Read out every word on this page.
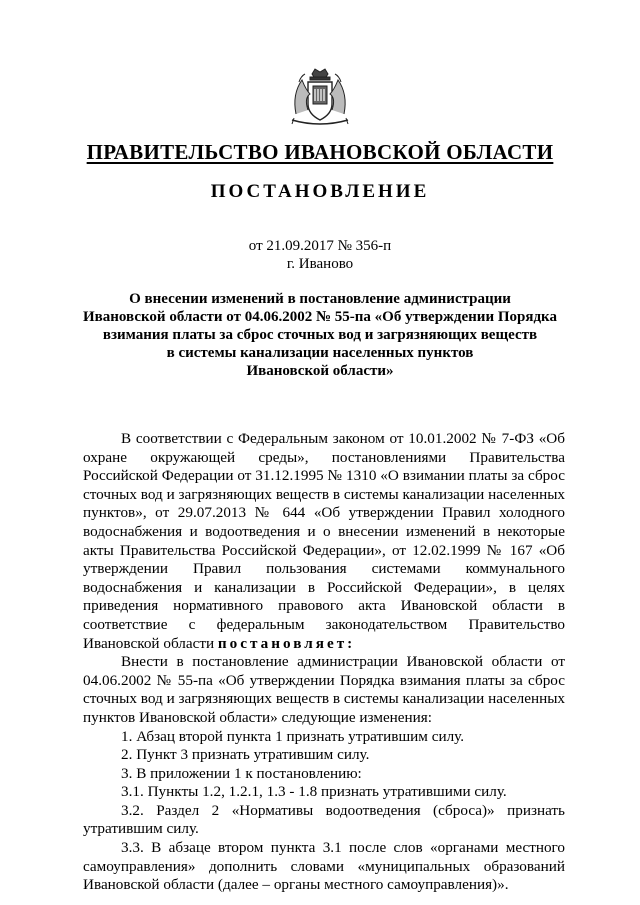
ПРАВИТЕЛЬСТВО ИВАНОВСКОЙ ОБЛАСТИ
ПОСТАНОВЛЕНИЕ
от 21.09.2017 № 356-п
г. Иваново
О внесении изменений в постановление администрации
Ивановской области от 04.06.2002 № 55-па «Об утверждении Порядка
взимания платы за сброс сточных вод и загрязняющих веществ
в системы канализации населенных пунктов
Ивановской области»

В соответствии с Федеральным законом от 10.01.2002 № 7-ФЗ «Об охране окружающей среды», постановлениями Правительства Российской Федерации от 31.12.1995 № 1310 «О взимании платы за сброс сточных вод и загрязняющих веществ в системы канализации населенных пунктов», от 29.07.2013 № 644 «Об утверждении Правил холодного водоснабжения и водоотведения и о внесении изменений в некоторые акты Правительства Российской Федерации», от 12.02.1999 № 167 «Об утверждении Правил пользования системами коммунального водоснабжения и канализации в Российской Федерации», в целях приведения нормативного правового акта Ивановской области в соответствие с федеральным законодательством Правительство Ивановской области постановляет:

Внести в постановление администрации Ивановской области от 04.06.2002 № 55-па «Об утверждении Порядка взимания платы за сброс сточных вод и загрязняющих веществ в системы канализации населенных пунктов Ивановской области» следующие изменения:

1. Абзац второй пункта 1 признать утратившим силу.

2. Пункт 3 признать утратившим силу.

3. В приложении 1 к постановлению:

3.1. Пункты 1.2, 1.2.1, 1.3 - 1.8 признать утратившими силу.

3.2. Раздел 2 «Нормативы водоотведения (сброса)» признать утратившим силу.

3.3. В абзаце втором пункта 3.1 после слов «органами местного самоуправления» дополнить словами «муниципальных образований Ивановской области (далее – органы местного самоуправления)».
